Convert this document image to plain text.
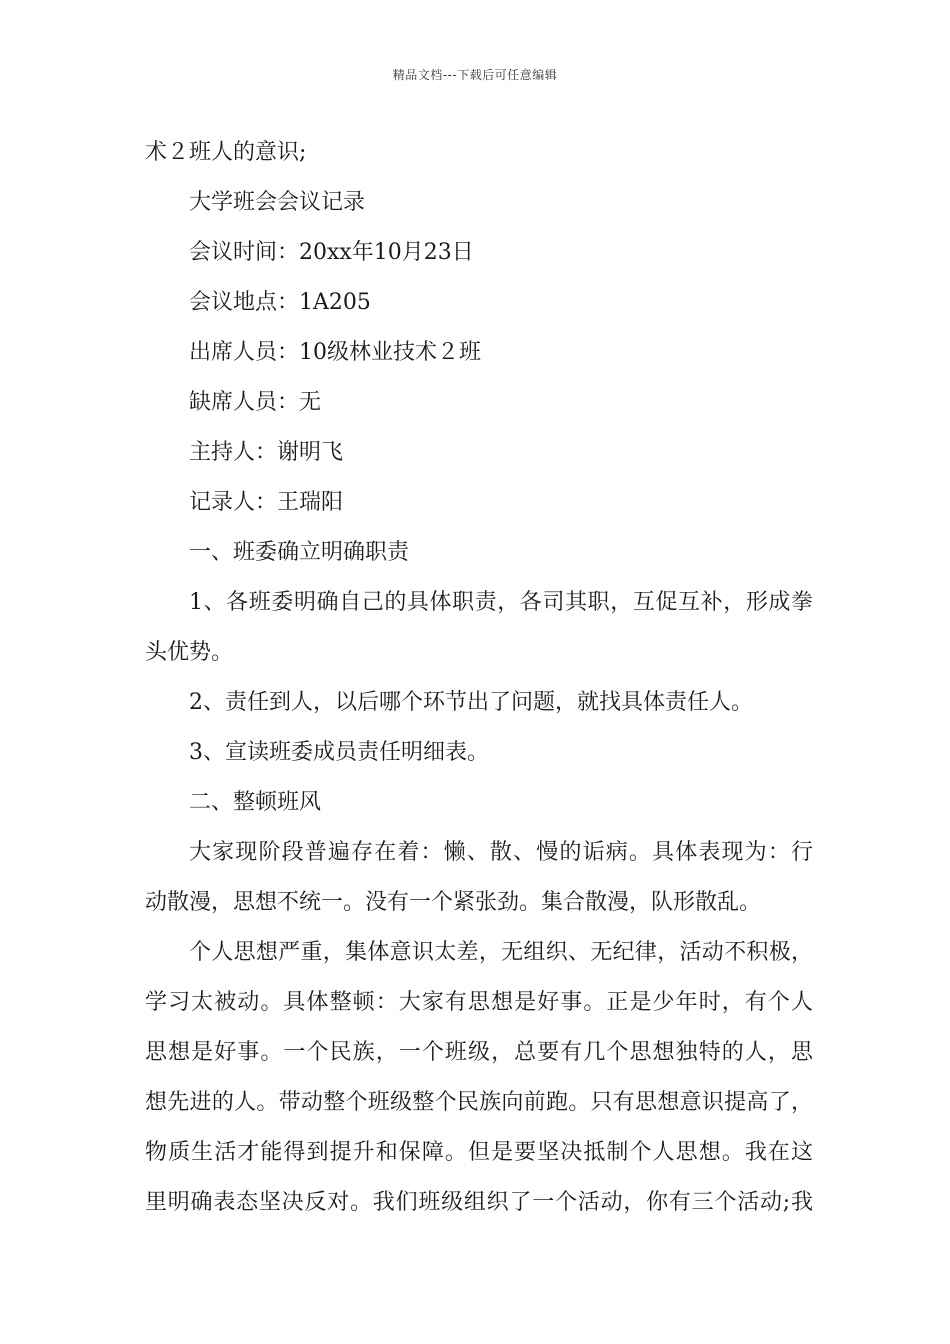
精品文档---下载后可任意编辑
术２班人的意识;
大学班会会议记录
会议时间：20xx年10月23日
会议地点：1A205
出席人员：10级林业技术２班
缺席人员：无
主持人：谢明飞
记录人：王瑞阳
一、班委确立明确职责
1、各班委明确自己的具体职责，各司其职，互促互补，形成拳
头优势。
2、责任到人，以后哪个环节出了问题，就找具体责任人。
3、宣读班委成员责任明细表。
二、整顿班风
大家现阶段普遍存在着：懒、散、慢的诟病。具体表现为：行
动散漫，思想不统一。没有一个紧张劲。集合散漫，队形散乱。
个人思想严重，集体意识太差，无组织、无纪律，活动不积极，
学习太被动。具体整顿：大家有思想是好事。正是少年时，有个人
思想是好事。一个民族，一个班级，总要有几个思想独特的人，思
想先进的人。带动整个班级整个民族向前跑。只有思想意识提高了，
物质生活才能得到提升和保障。但是要坚决抵制个人思想。我在这
里明确表态坚决反对。我们班级组织了一个活动，你有三个活动;我
